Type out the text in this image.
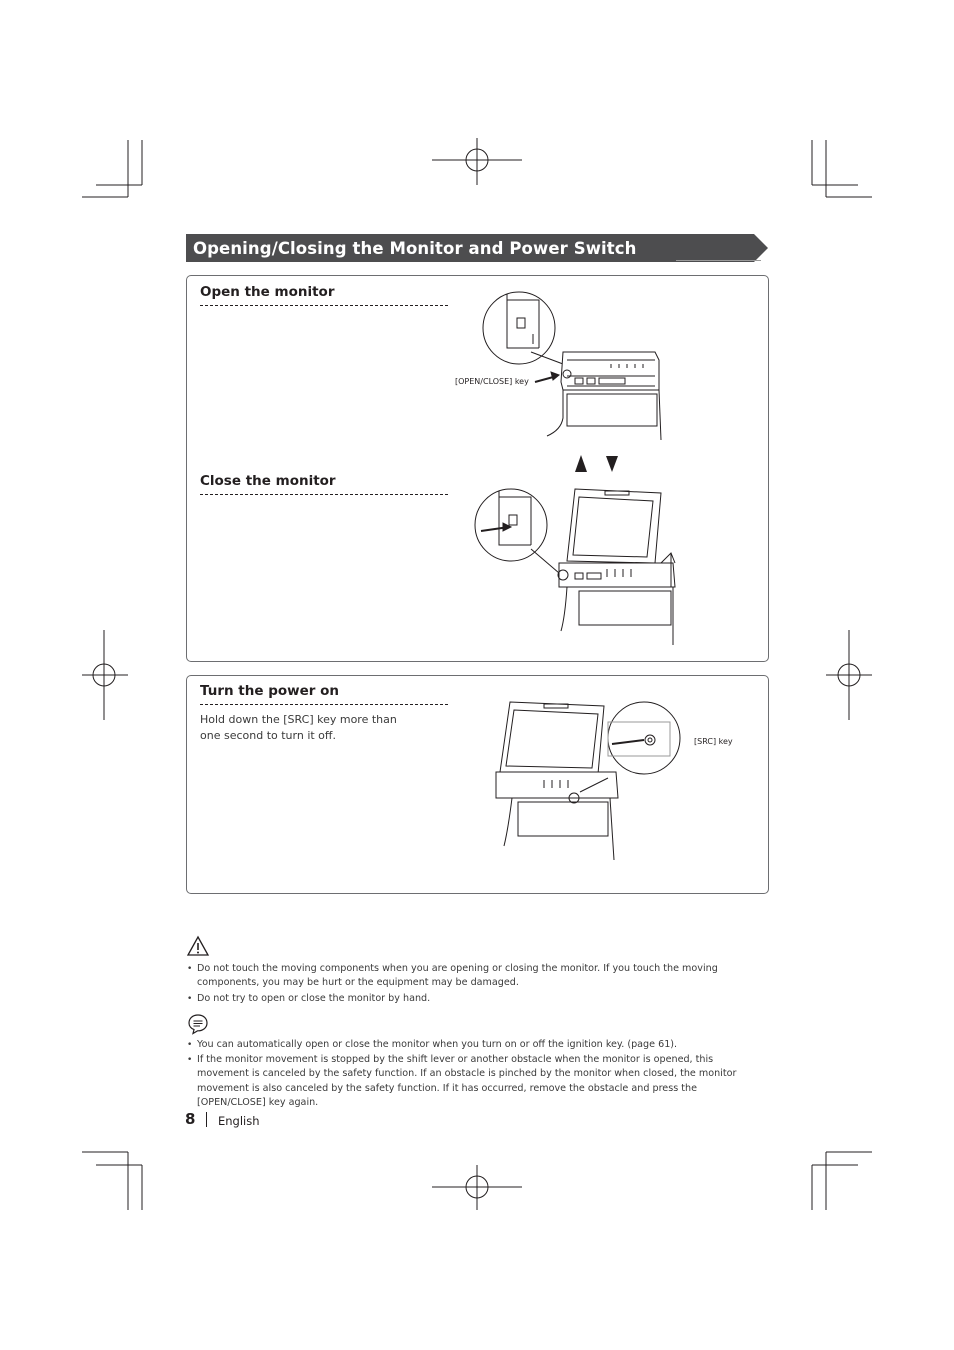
Opening/Closing the Monitor and Power Switch
Open the monitor
Close the monitor
[OPEN/CLOSE] key
Turn the power on
Hold down the [SRC] key more than one second to turn it off.	[SRC] key
• Do not touch the moving components when you are opening or closing the monitor. If you touch the moving components, you may be hurt or the equipment may be damaged.
• Do not try to open or close the monitor by hand.
• You can automatically open or close the monitor when you turn on or off the ignition key. (page 61).
• If the monitor movement is stopped by the shift lever or another obstacle when the monitor is opened, this movement is canceled by the safety function. If an obstacle is pinched by the monitor when closed, the monitor movement is also canceled by the safety function. If it has occurred, remove the obstacle and press the [OPEN/CLOSE] key again.
8 English
